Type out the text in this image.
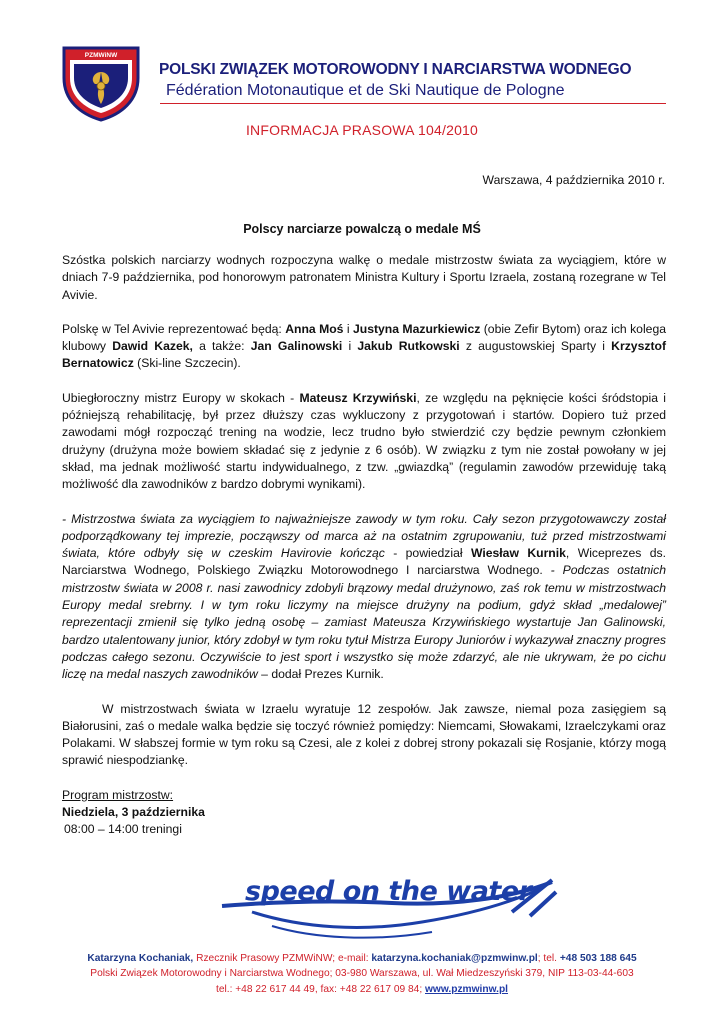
PZMWiNW
POLSKI ZWIĄZEK MOTOROWODNY I NARCIARSTWA WODNEGO
Fédération Motonautique et de Ski Nautique de Pologne
INFORMACJA PRASOWA 104/2010
Warszawa, 4 października 2010 r.
Polscy narciarze powalczą o medale MŚ

Szóstka polskich narciarzy wodnych rozpoczyna walkę o medale mistrzostw świata za wyciągiem, które w dniach 7-9 października, pod honorowym patronatem Ministra Kultury i Sportu Izraela, zostaną rozegrane w Tel Avivie.

Polskę w Tel Avivie reprezentować będą: Anna Moś i Justyna Mazurkiewicz (obie Zefir Bytom) oraz ich kolega klubowy Dawid Kazek, a także: Jan Galinowski i Jakub Rutkowski z augustowskiej Sparty i Krzysztof Bernatowicz (Ski-line Szczecin).

Ubiegłoroczny mistrz Europy w skokach - Mateusz Krzywiński, ze względu na pęknięcie kości śródstopia i późniejszą rehabilitację, był przez dłuższy czas wykluczony z przygotowań i startów. Dopiero tuż przed zawodami mógł rozpocząć trening na wodzie, lecz trudno było stwierdzić czy będzie pewnym członkiem drużyny (drużyna może bowiem składać się z jedynie z 6 osób). W związku z tym nie został powołany w jej skład, ma jednak możliwość startu indywidualnego, z tzw. „gwiazdką” (regulamin zawodów przewiduję taką możliwość dla zawodników z bardzo dobrymi wynikami).

- Mistrzostwa świata za wyciągiem to najważniejsze zawody w tym roku. Cały sezon przygotowawczy został podporządkowany tej imprezie, począwszy od marca aż na ostatnim zgrupowaniu, tuż przed mistrzostwami świata, które odbyły się w czeskim Havirovie kończąc - powiedział Wiesław Kurnik, Wiceprezes ds. Narciarstwa Wodnego, Polskiego Związku Motorowodnego I narciarstwa Wodnego. - Podczas ostatnich mistrzostw świata w 2008 r. nasi zawodnicy zdobyli brązowy medal drużynowo, zaś rok temu w mistrzostwach Europy medal srebrny. I w tym roku liczymy na miejsce drużyny na podium, gdyż skład „medalowej” reprezentacji zmienił się tylko jedną osobę – zamiast Mateusza Krzywińskiego wystartuje Jan Galinowski, bardzo utalentowany junior, który zdobył w tym roku tytuł Mistrza Europy Juniorów i wykazywał znaczny progres podczas całego sezonu. Oczywiście to jest sport i wszystko się może zdarzyć, ale nie ukrywam, że po cichu liczę na medal naszych zawodników – dodał Prezes Kurnik.

W mistrzostwach świata w Izraelu wyratuje 12 zespołów. Jak zawsze, niemal poza zasięgiem są Białorusini, zaś o medale walka będzie się toczyć również pomiędzy: Niemcami, Słowakami, Izraelczykami oraz Polakami. W słabszej formie w tym roku są Czesi, ale z kolei z dobrej strony pokazali się Rosjanie, którzy mogą sprawić niespodziankę.

Program mistrzostw:
Niedziela, 3 października
08:00 – 14:00 treningi
speed on the water
Katarzyna Kochaniak, Rzecznik Prasowy PZMWiNW; e-mail: katarzyna.kochaniak@pzmwinw.pl; tel. +48 503 188 645
Polski Związek Motorowodny i Narciarstwa Wodnego; 03-980 Warszawa, ul. Wał Miedzeszyński 379, NIP 113-03-44-603
tel.: +48 22 617 44 49, fax: +48 22 617 09 84; www.pzmwinw.pl
